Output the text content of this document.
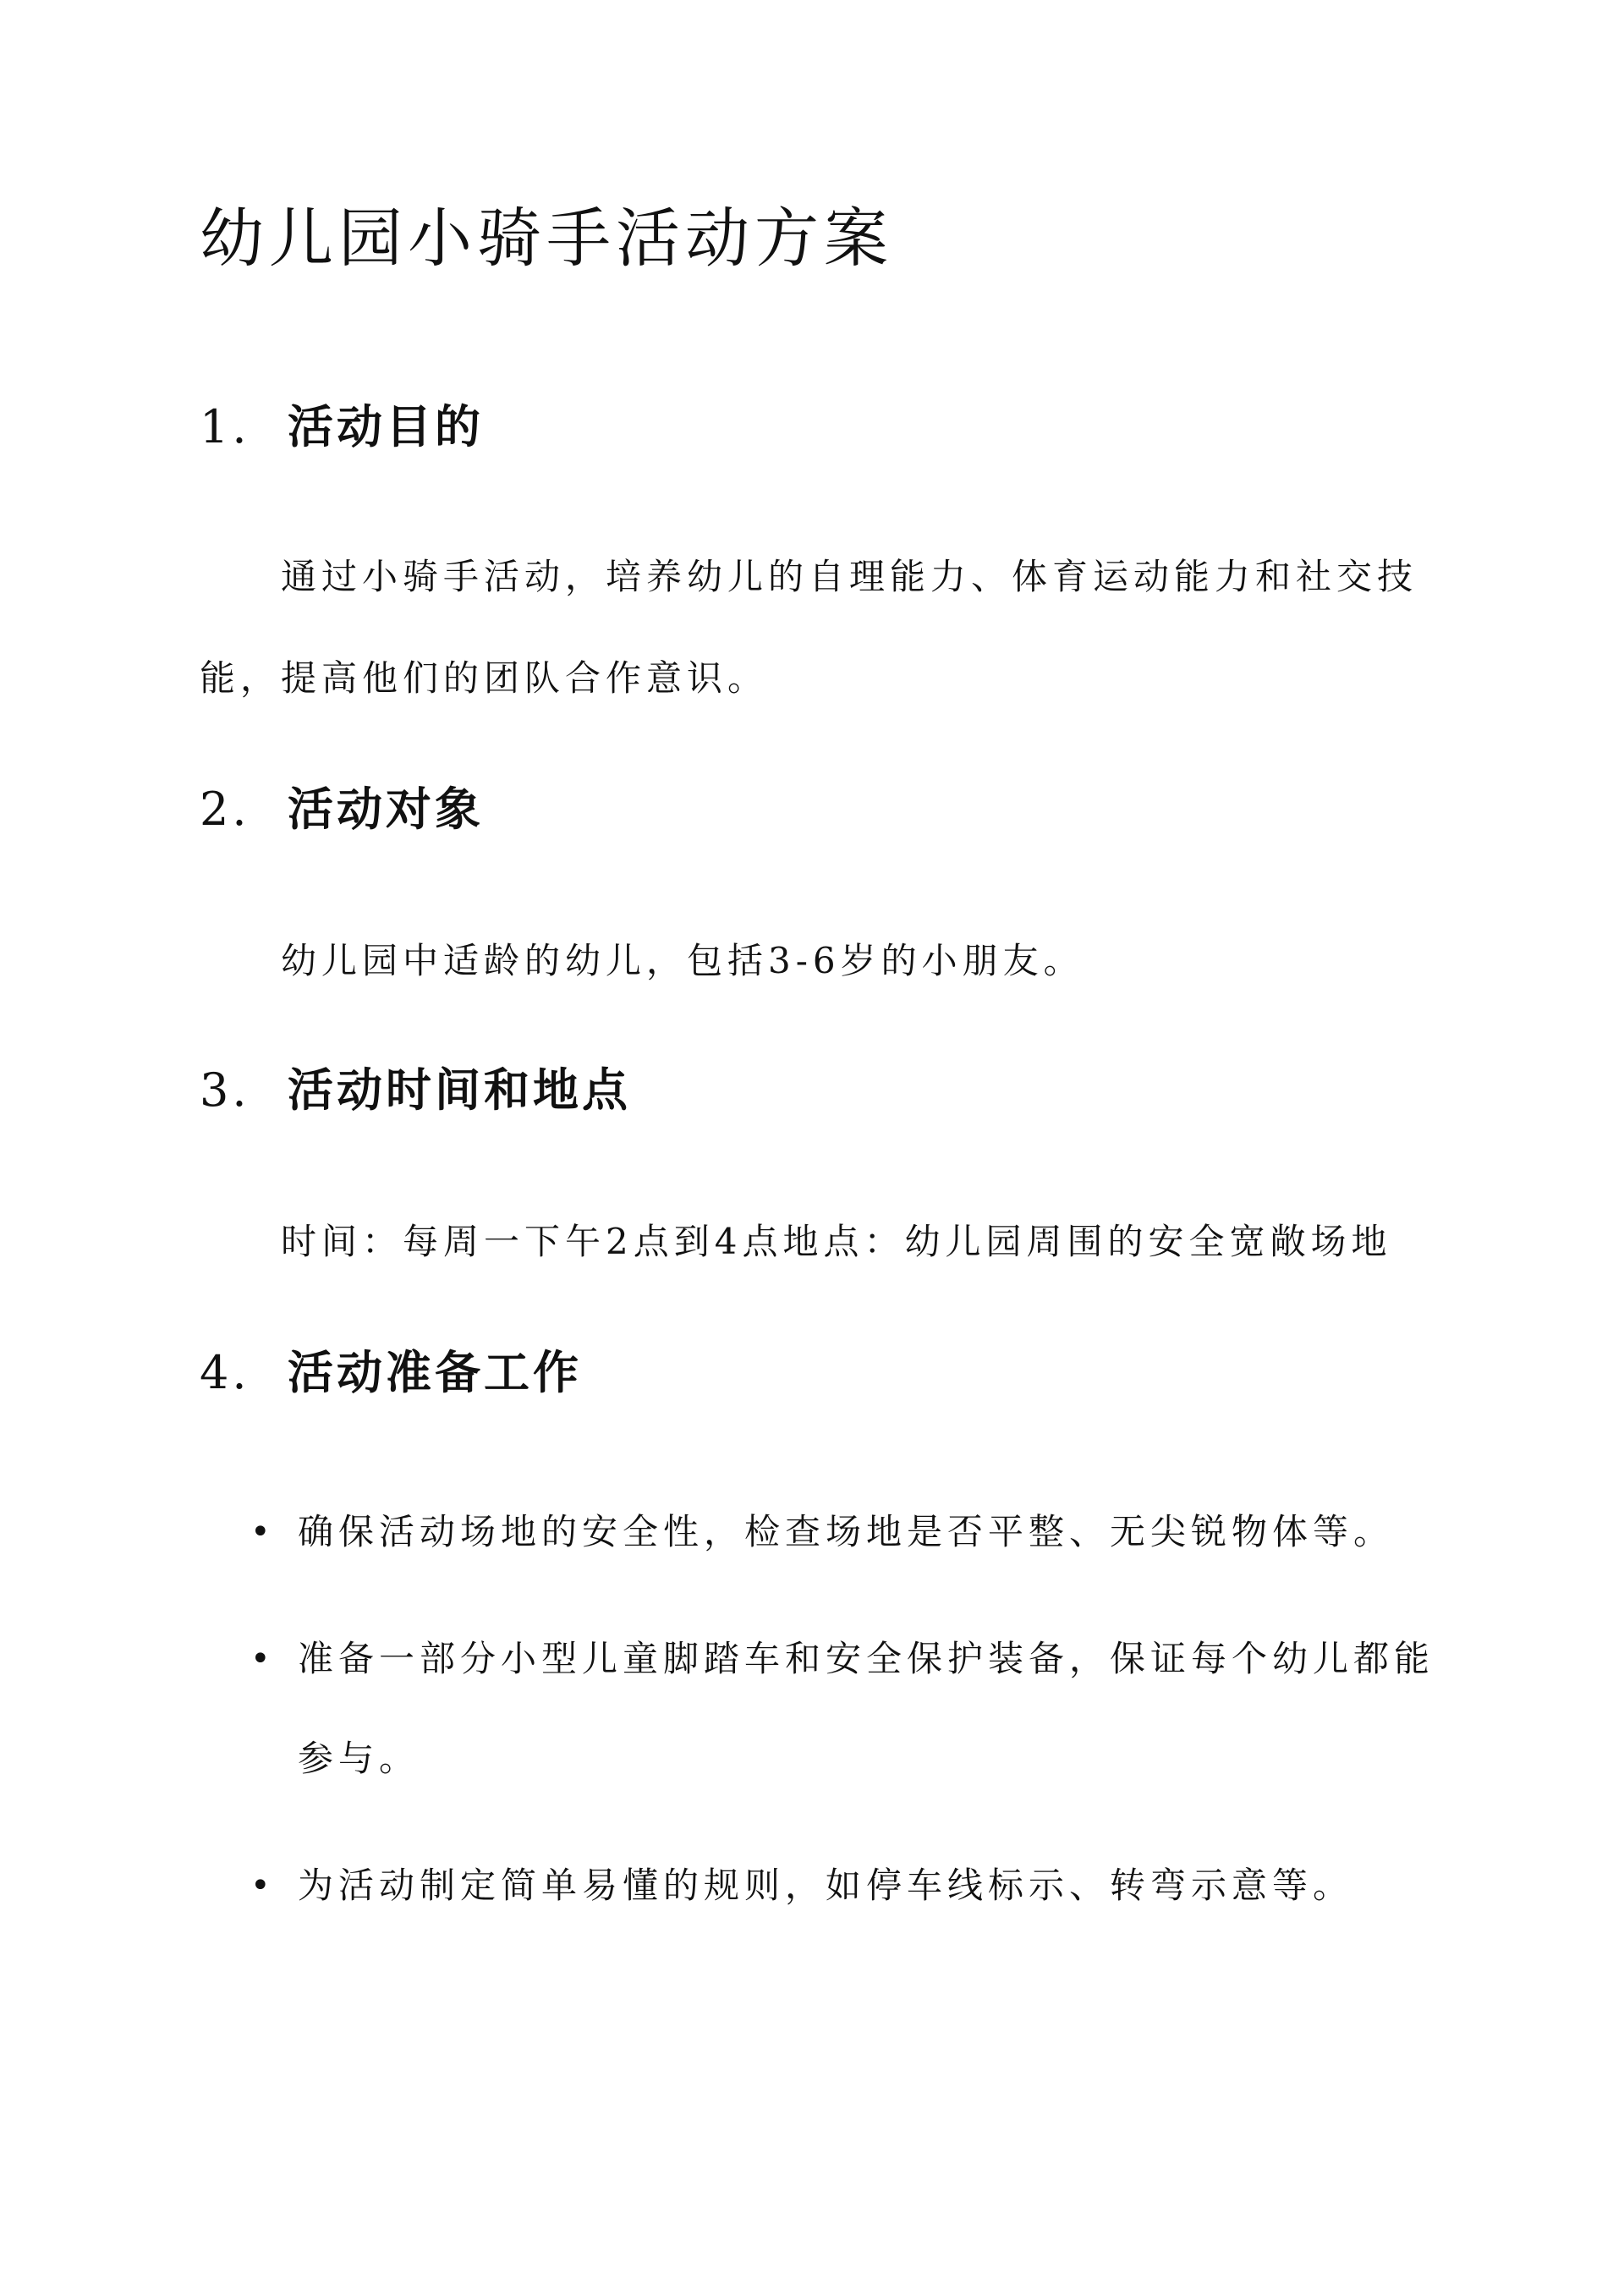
幼儿园小骑手活动方案
1. 活动目的

通过小骑手活动，培养幼儿的自理能力、体育运动能力和社交技能，提高他们的团队合作意识。

2. 活动对象

幼儿园中适龄的幼儿，包括3-6岁的小朋友。

3. 活动时间和地点

时间：每周一下午2点到4点地点：幼儿园周围的安全宽敞场地

4. 活动准备工作
• 确保活动场地的安全性，检查场地是否平整、无尖锐物体等。
• 准备一部分小型儿童脚踏车和安全保护装备，保证每个幼儿都能参与。
• 为活动制定简单易懂的规则，如停车线标示、转弯示意等。
